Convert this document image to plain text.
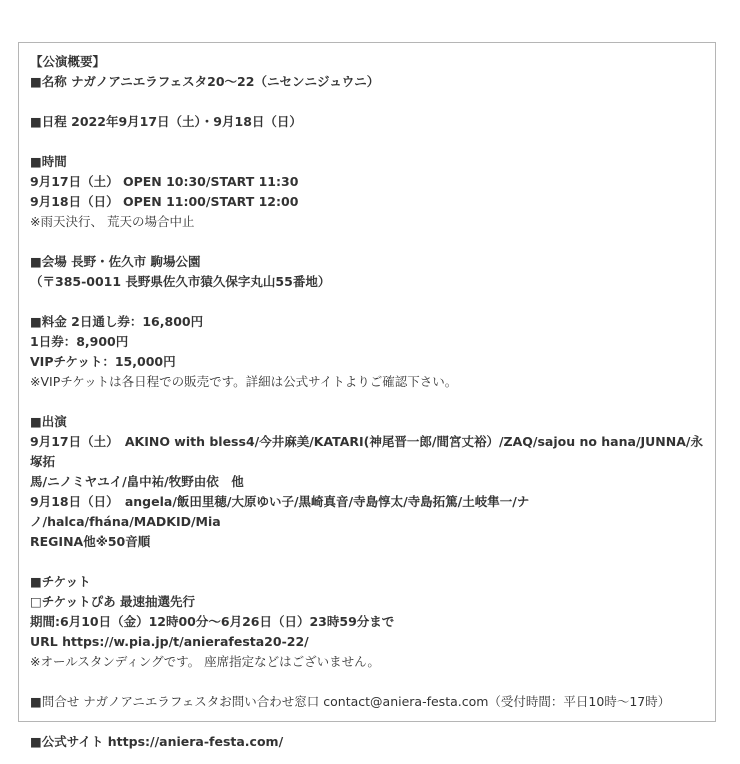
【公演概要】

■名称 ナガノアニエラフェスタ20〜22（ニセンニジュウニ）

■日程 2022年9月17日（土）・9月18日（日）

■時間

9月17日（土） OPEN 10:30/START 11:30

9月18日（日） OPEN 11:00/START 12:00

※雨天決行、 荒天の場合中止

■会場 長野・佐久市 駒場公園

（〒385-0011 長野県佐久市猿久保字丸山55番地）

■料金 2日通し券：16,800円

1日券：8,900円

VIPチケット：15,000円

※VIPチケットは各日程での販売です。詳細は公式サイトよりご確認下さい。

■出演

9月17日（土）　AKINO with bless4/今井麻美/KATARI(神尾晋一郎/間宮丈裕）/ZAQ/sajou no hana/JUNNA/永塚拓

馬/ニノミヤユイ/畠中祐/牧野由依　他

9月18日（日）　angela/飯田里穂/大原ゆい子/黒崎真音/寺島惇太/寺島拓篤/土岐隼一/ナノ/halca/fhána/MADKID/Mia

REGINA他※50音順

■チケット

□チケットぴあ 最速抽選先行

期間:6月10日（金）12時00分〜6月26日（日）23時59分まで

URL https://w.pia.jp/t/anierafesta20-22/

※オールスタンディングです。 座席指定などはございません。

■問合せ ナガノアニエラフェスタお問い合わせ窓口 contact@aniera-festa.com（受付時間：平日10時〜17時）

■公式サイト https://aniera-festa.com/
